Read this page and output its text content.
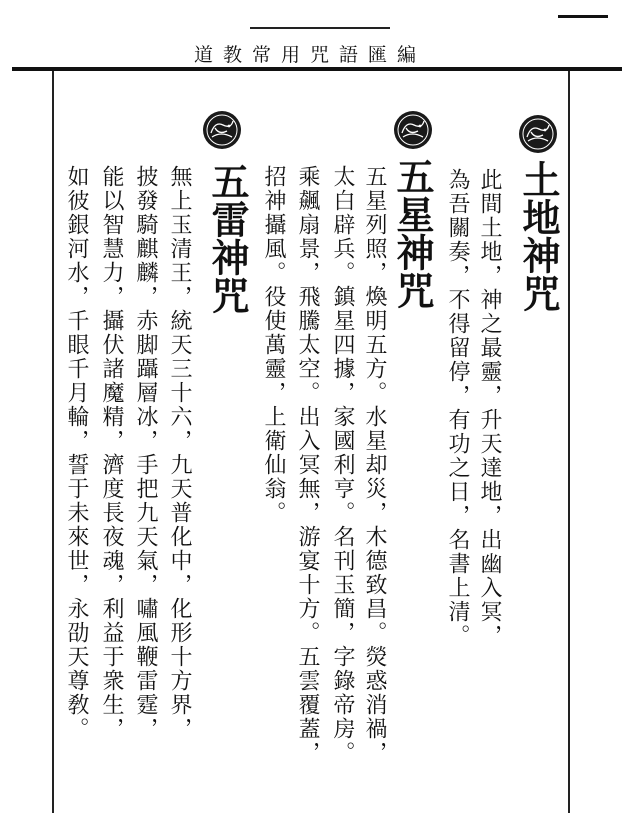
道教常用咒語匯編
土地神咒
此間土地，神之最靈，升天達地，出幽入冥，
為吾關奏，不得留停，有功之日，名書上清。
五星神咒
五星列照，煥明五方。水星却災，木德致昌。熒惑消禍，
太白辟兵。鎮星四據，家國利亨。名刊玉簡，字錄帝房。
乘飆扇景，飛騰太空。出入冥無，游宴十方。五雲覆蓋，
招神攝風。役使萬靈，上衛仙翁。
五雷神咒
無上玉清王，統天三十六，九天普化中，化形十方界，
披發騎麒麟，赤脚躡層冰，手把九天氣，嘯風鞭雷霆，
能以智慧力，攝伏諸魔精，濟度長夜魂，利益于衆生，
如彼銀河水，千眼千月輪，誓于未來世，永劭天尊敎。
